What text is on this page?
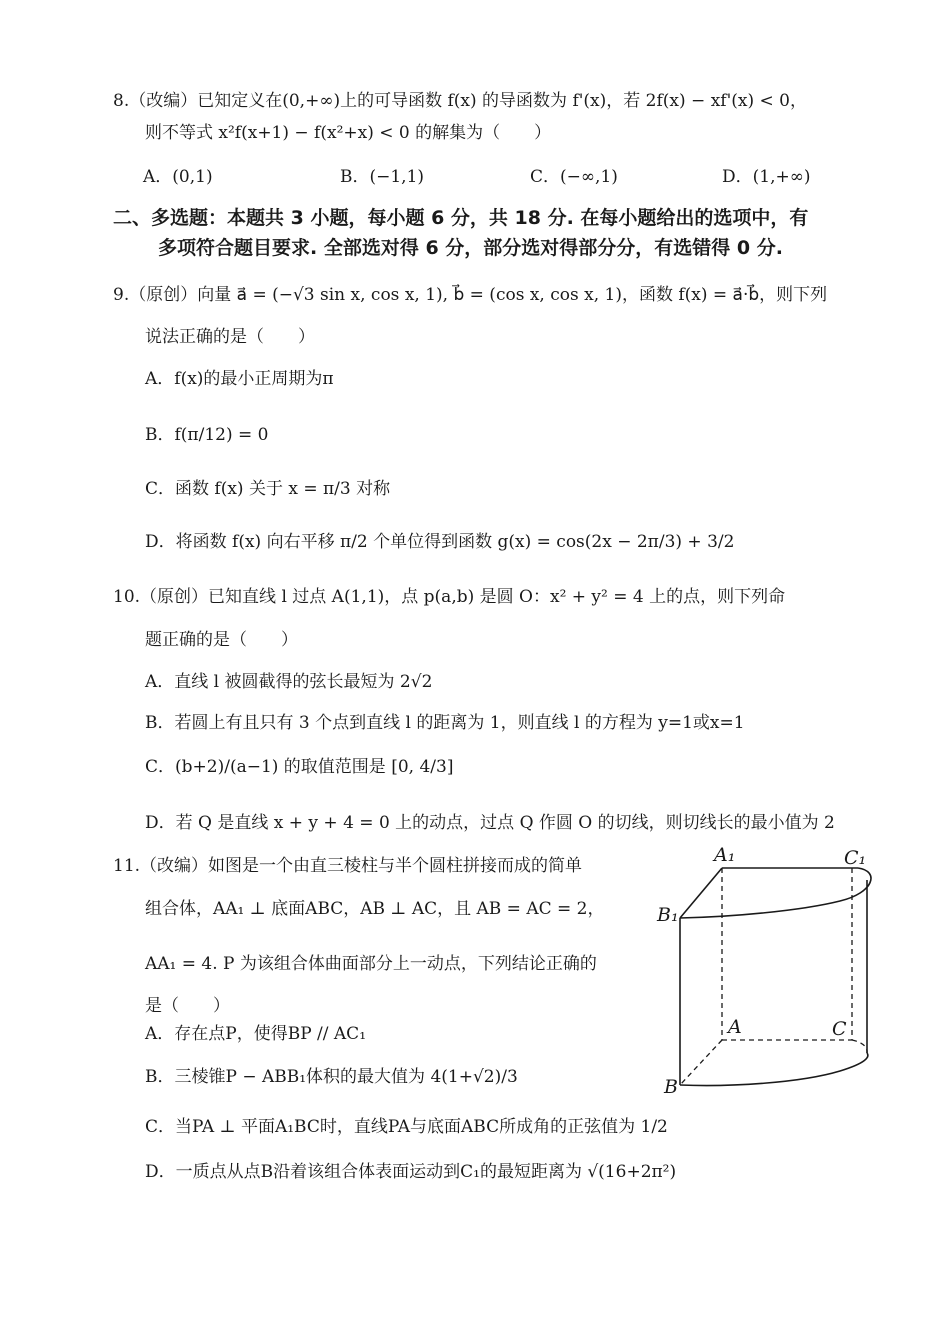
8.（改编）已知定义在(0,+∞)上的可导函数 f(x) 的导函数为 f'(x)，若 2f(x) − xf'(x) < 0，
则不等式 x²f(x+1) − f(x²+x) < 0 的解集为（　　）
A．(0,1)	B．(−1,1)	C．(−∞,1)	D．(1,+∞)
二、多选题：本题共 3 小题，每小题 6 分，共 18 分. 在每小题给出的选项中，有
多项符合题目要求. 全部选对得 6 分，部分选对得部分分，有选错得 0 分.
9.（原创）向量 a⃗ = (−√3 sin x, cos x, 1), b⃗ = (cos x, cos x, 1)，函数 f(x) = a⃗·b⃗，则下列
说法正确的是（　　）
A．f(x)的最小正周期为π
B．f(π/12) = 0
C．函数 f(x) 关于 x = π/3 对称
D．将函数 f(x) 向右平移 π/2 个单位得到函数 g(x) = cos(2x − 2π/3) + 3/2
10.（原创）已知直线 l 过点 A(1,1)，点 p(a,b) 是圆 O：x² + y² = 4 上的点，则下列命
题正确的是（　　）
A．直线 l 被圆截得的弦长最短为 2√2
B．若圆上有且只有 3 个点到直线 l 的距离为 1，则直线 l 的方程为 y=1或x=1
C．(b+2)/(a−1) 的取值范围是 [0, 4/3]
D．若 Q 是直线 x + y + 4 = 0 上的动点，过点 Q 作圆 O 的切线，则切线长的最小值为 2
11.（改编）如图是一个由直三棱柱与半个圆柱拼接而成的简单
组合体，AA₁ ⊥ 底面ABC，AB ⊥ AC，且 AB = AC = 2，
AA₁ = 4. P 为该组合体曲面部分上一动点，下列结论正确的
是（　　）
A．存在点P，使得BP // AC₁
B．三棱锥P − ABB₁体积的最大值为 4(1+√2)/3
C．当PA ⊥ 平面A₁BC时，直线PA与底面ABC所成角的正弦值为 1/2
D．一质点从点B沿着该组合体表面运动到C₁的最短距离为 √(16+2π²)
A₁	C₁
B₁
A	C
B
